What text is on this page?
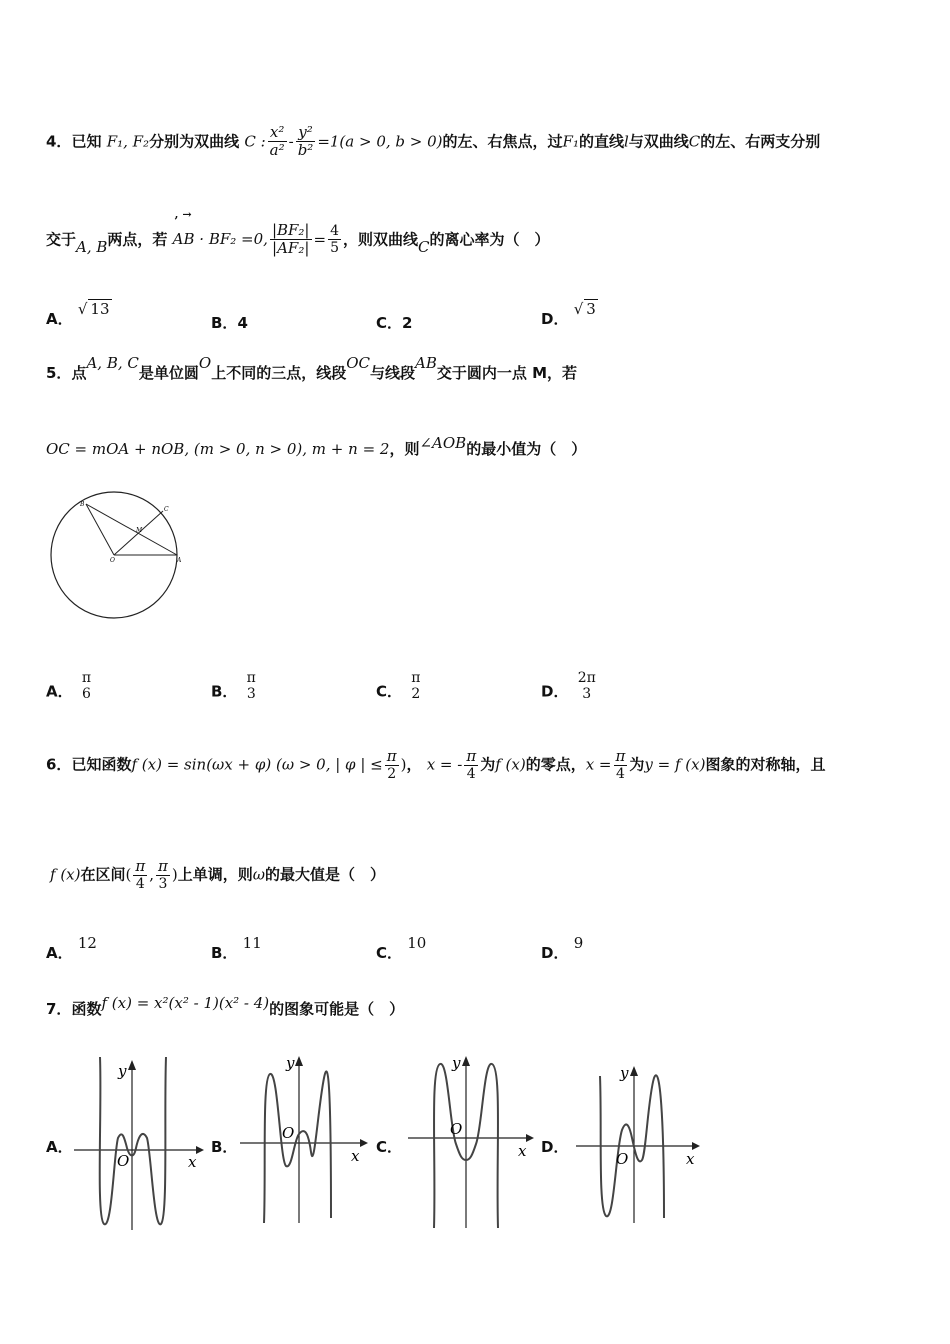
4．已知 F₁, F₂分别为双曲线 C : $\frac{\text{x²}}{\text{a²}} - \frac{\text{y²}}{\text{b²}} =1(a > 0$, b > 0)的左、右焦点，过F₁的直线l与双曲线C的左、右两支分别
交于A, B两点，若
, →
AB · BF₂ =0, $\frac{\text{|BF₂|}}{\text{|AF₂|}} = \frac{4}{5}$ ，则双曲线C的离心率为（　）
A． √ 13
B．4	C．2	D． √ 3
5．点A, B, C是单位圆O上不同的三点，线段OC与线段AB交于圆内一点 M，若
OC = mOA + nOB, (m > 0, n > 0), m + n = 2，则∠AOB的最小值为（　）
B
C
M
O	A
A．
π
6	B．
π
3	C．
π
2	D．
2π
3
6．已知函数f (x) = sin(ωx + φ) (ω > 0, | φ | ≤ $\frac{\pi}{2}$ )， x = - $\frac{\pi}{4}$ 为f (x)的零点，$x = \frac{\pi}{4}$ 为y = f (x)图象的对称轴，且
f (x)在区间( $\frac{\pi}{4}$ , $\frac{\pi}{3}$ )上单调，则ω的最大值是（　）
A． 12
B． 11
C． 10
D． 9
7．函数f (x) = x²(x² - 1)(x² - 4)的图象可能是（　）
A．	B．	C．	D．
y
x
O
y
x
O
y
x
O
y
x
O
